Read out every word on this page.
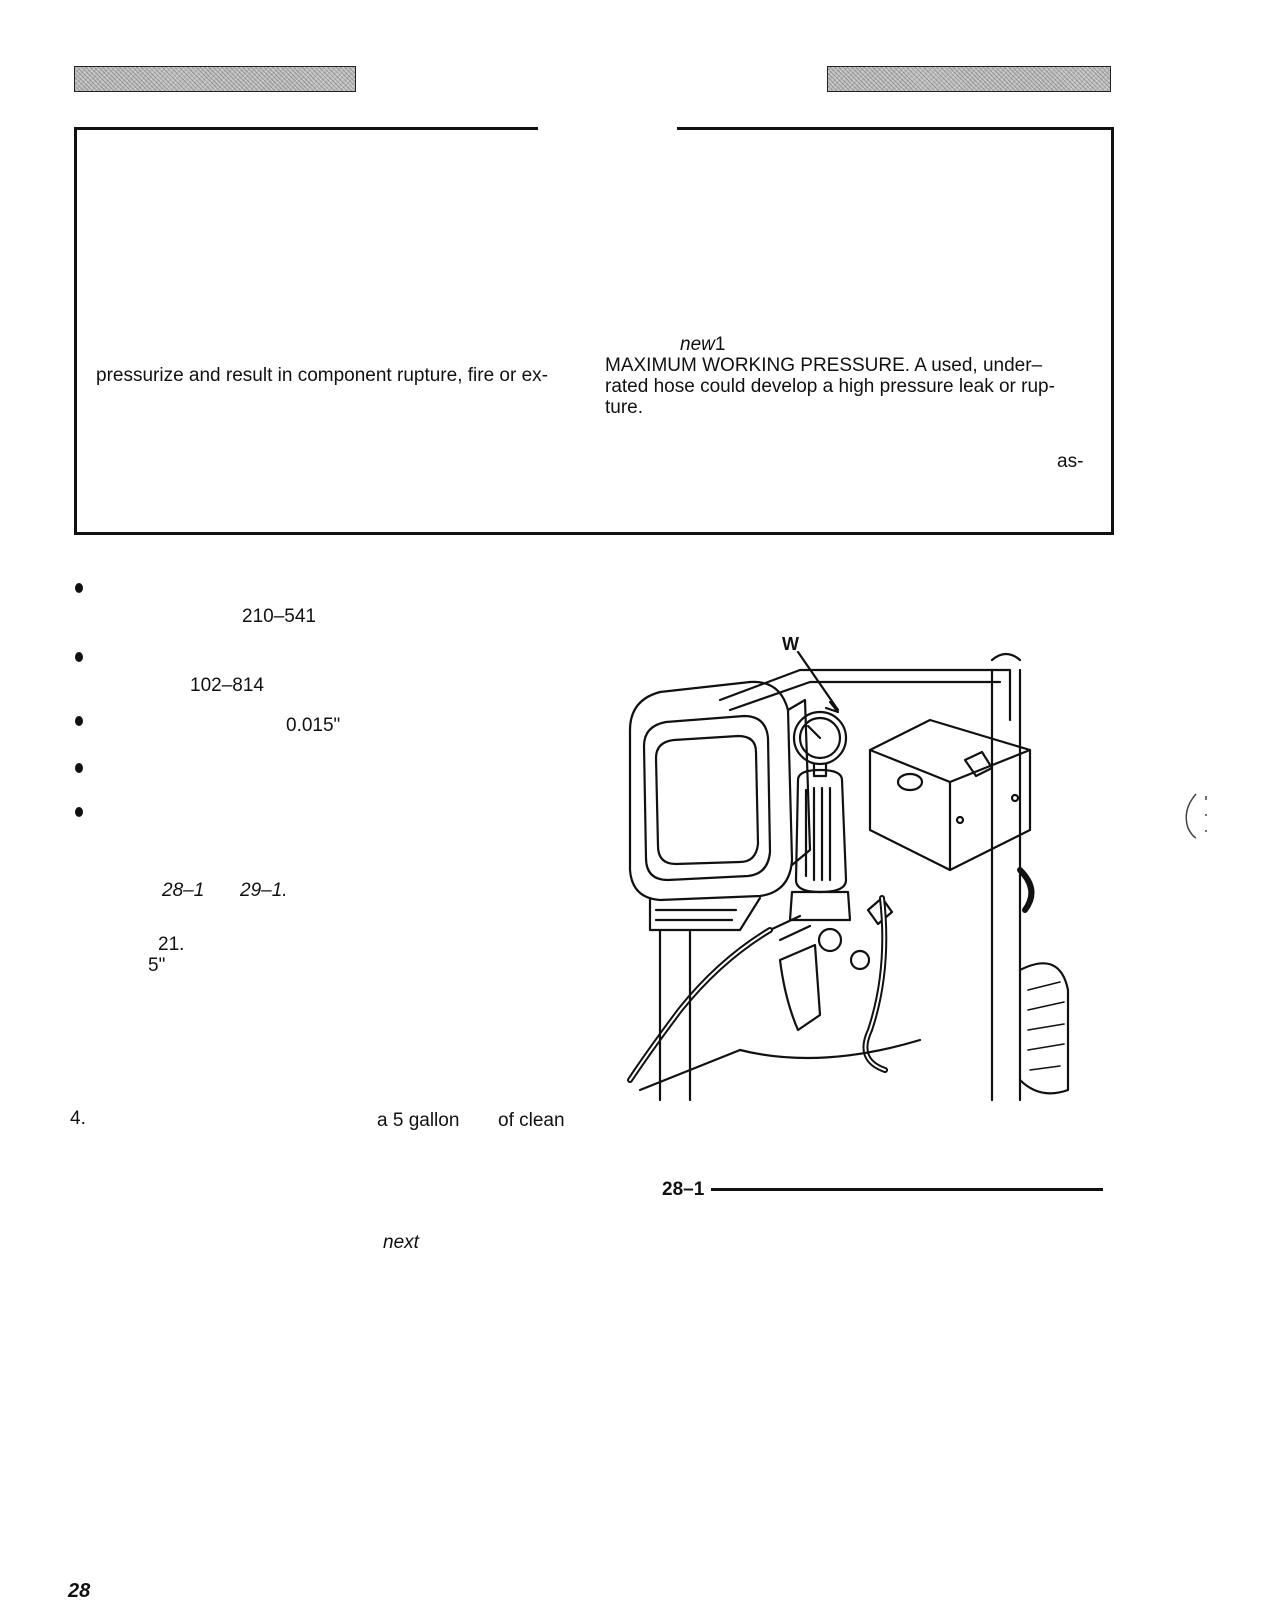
pressurize and result in component rupture, fire or ex-
new1
MAXIMUM WORKING PRESSURE. A used, under–
rated hose could develop a high pressure leak or rup-
ture.
as-
210–541
102–814
0.015"
28–1 29–1.
21.
5"
4.	a 5 gallon of clean
next
W
28–1
28
